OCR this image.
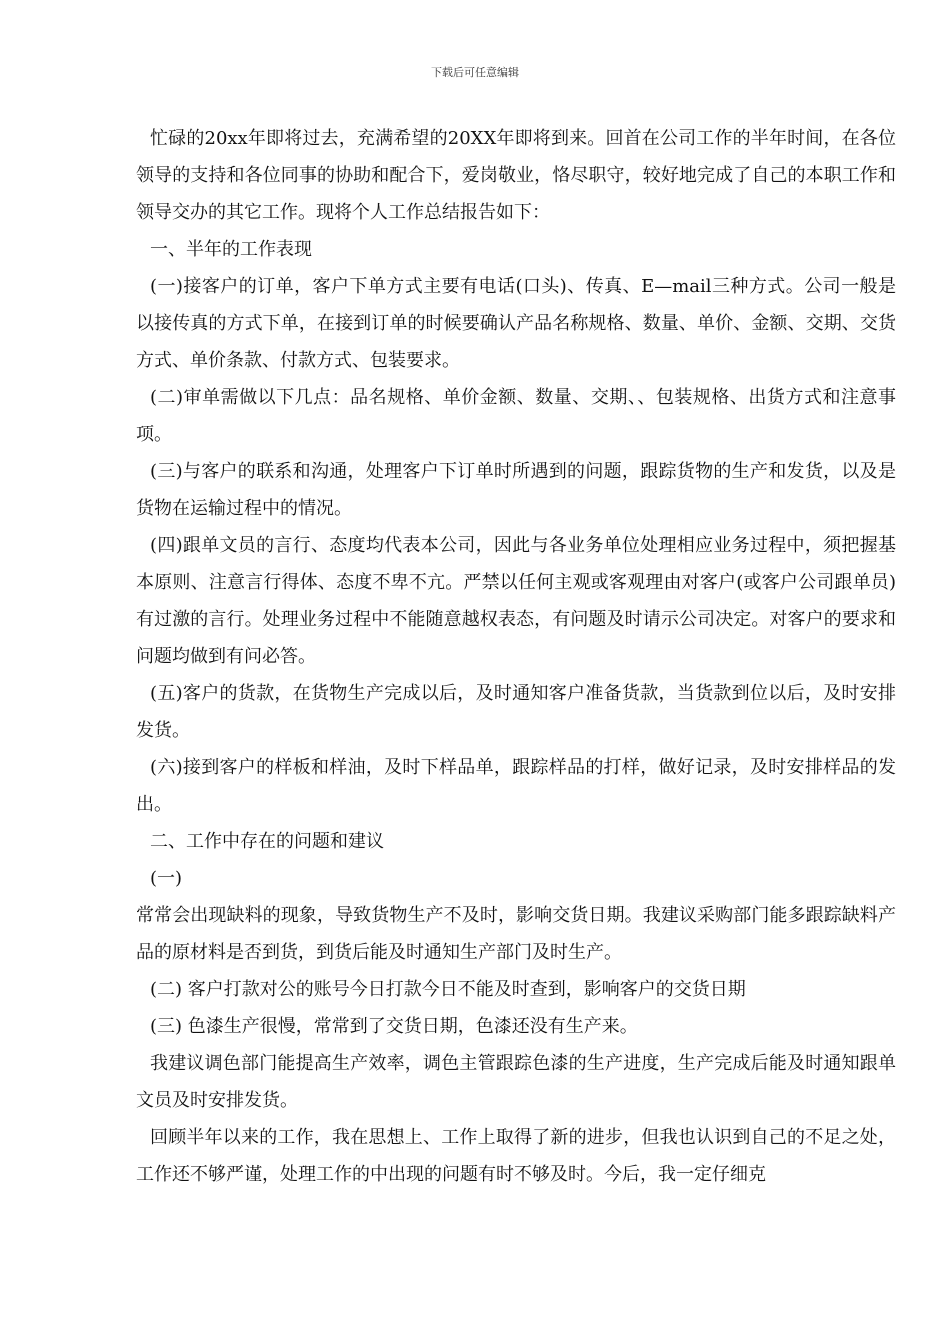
下载后可任意编辑

忙碌的20xx年即将过去，充满希望的20XX年即将到来。回首在公司工作的半年时间，在各位领导的支持和各位同事的协助和配合下，爱岗敬业，恪尽职守，较好地完成了自己的本职工作和领导交办的其它工作。现将个人工作总结报告如下：

一、半年的工作表现

(一)接客户的订单，客户下单方式主要有电话(口头)、传真、E—mail三种方式。公司一般是以接传真的方式下单，在接到订单的时候要确认产品名称规格、数量、单价、金额、交期、交货方式、单价条款、付款方式、包装要求。

(二)审单需做以下几点：品名规格、单价金额、数量、交期、、包装规格、出货方式和注意事项。

(三)与客户的联系和沟通，处理客户下订单时所遇到的问题，跟踪货物的生产和发货，以及是货物在运输过程中的情况。

(四)跟单文员的言行、态度均代表本公司，因此与各业务单位处理相应业务过程中，须把握基本原则、注意言行得体、态度不卑不亢。严禁以任何主观或客观理由对客户(或客户公司跟单员)有过激的言行。处理业务过程中不能随意越权表态，有问题及时请示公司决定。对客户的要求和问题均做到有问必答。

(五)客户的货款，在货物生产完成以后，及时通知客户准备货款，当货款到位以后，及时安排发货。

(六)接到客户的样板和样油，及时下样品单，跟踪样品的打样，做好记录，及时安排样品的发出。

二、工作中存在的问题和建议

(一)

常常会出现缺料的现象，导致货物生产不及时，影响交货日期。我建议采购部门能多跟踪缺料产品的原材料是否到货，到货后能及时通知生产部门及时生产。

(二) 客户打款对公的账号今日打款今日不能及时查到，影响客户的交货日期

(三) 色漆生产很慢，常常到了交货日期，色漆还没有生产来。

我建议调色部门能提高生产效率，调色主管跟踪色漆的生产进度，生产完成后能及时通知跟单文员及时安排发货。

回顾半年以来的工作，我在思想上、工作上取得了新的进步，但我也认识到自己的不足之处，工作还不够严谨，处理工作的中出现的问题有时不够及时。今后，我一定仔细克
